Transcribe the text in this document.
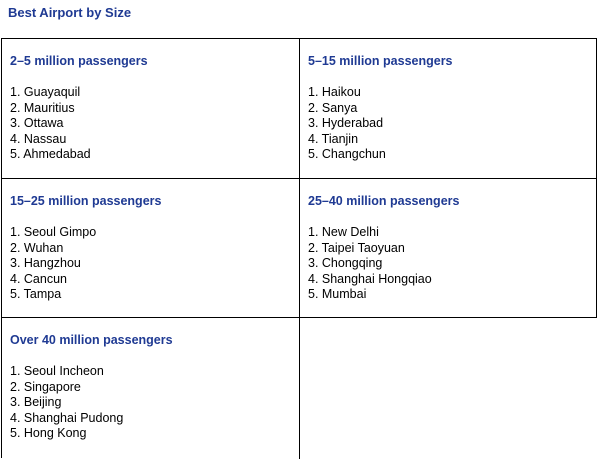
Best Airport by Size
2–5 million passengers
1. Guayaquil
2. Mauritius
3. Ottawa
4. Nassau
5. Ahmedabad
5–15 million passengers
1. Haikou
2. Sanya
3. Hyderabad
4. Tianjin
5. Changchun
15–25 million passengers
1. Seoul Gimpo
2. Wuhan
3. Hangzhou
4. Cancun
5. Tampa
25–40 million passengers
1. New Delhi
2. Taipei Taoyuan
3. Chongqing
4. Shanghai Hongqiao
5. Mumbai
Over 40 million passengers
1. Seoul Incheon
2. Singapore
3. Beijing
4. Shanghai Pudong
5. Hong Kong
